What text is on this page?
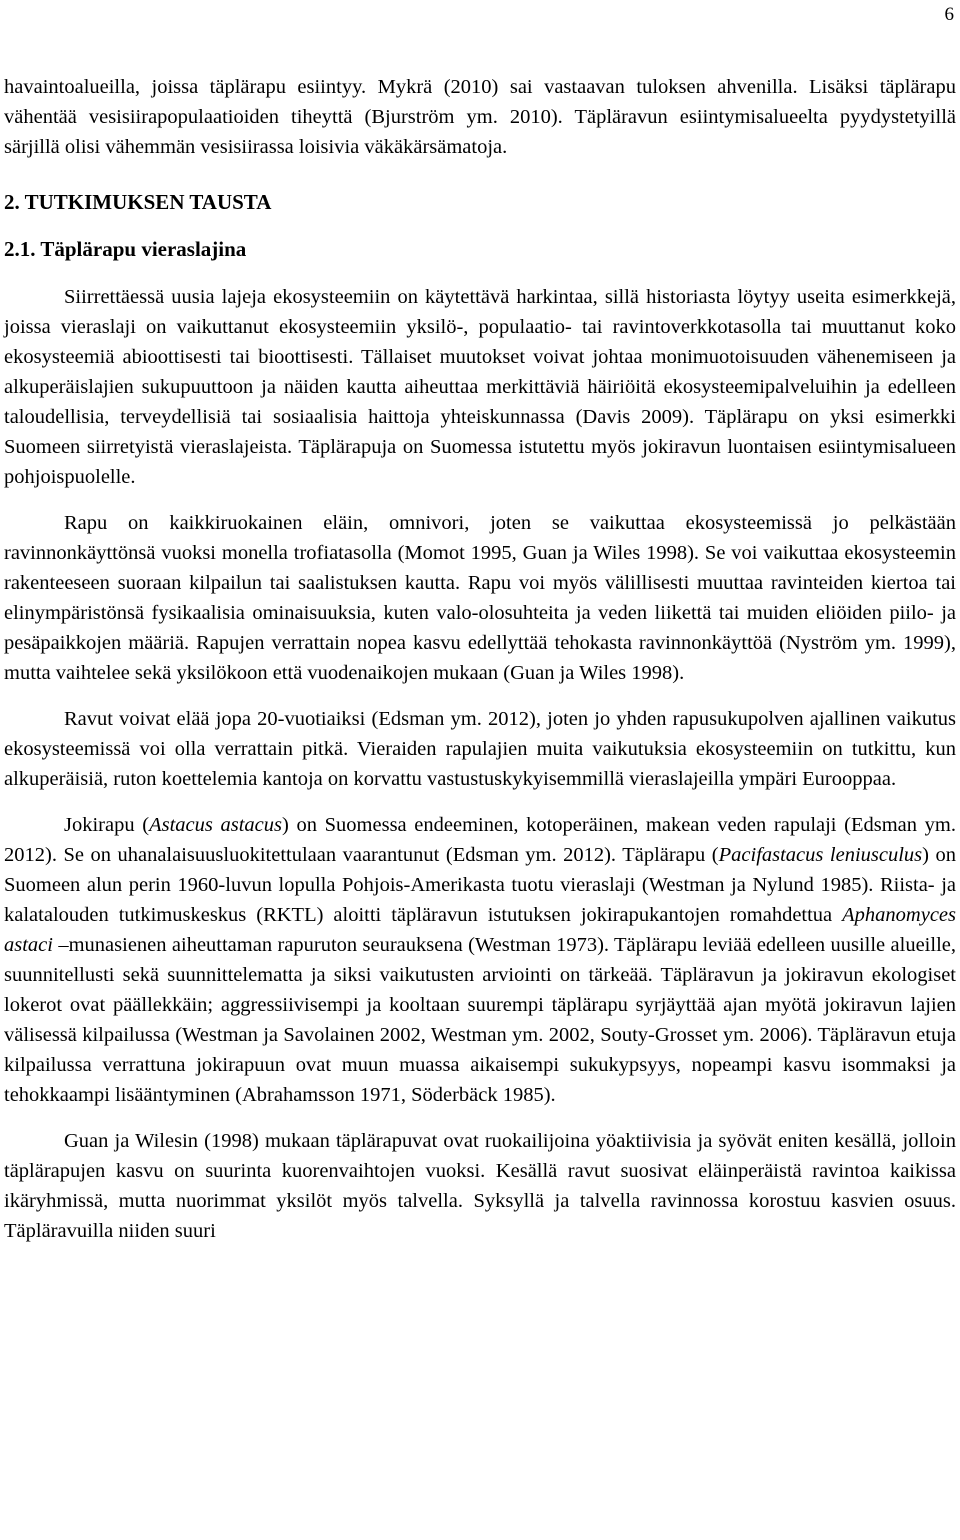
6

havaintoalueilla, joissa täplärapu esiintyy. Mykrä (2010) sai vastaavan tuloksen ahvenilla. Lisäksi täplärapu vähentää vesisiirapopulaatioiden tiheyttä (Bjurström ym. 2010). Täpläravun esiintymisalueelta pyydystetyillä särjillä olisi vähemmän vesisiirassa loisivia väkäkärsämatoja.

2. TUTKIMUKSEN TAUSTA
2.1. Täplärapu vieraslajina

Siirrettäessä uusia lajeja ekosysteemiin on käytettävä harkintaa, sillä historiasta löytyy useita esimerkkejä, joissa vieraslaji on vaikuttanut ekosysteemiin yksilö-, populaatio- tai ravintoverkkotasolla tai muuttanut koko ekosysteemiä abioottisesti tai bioottisesti. Tällaiset muutokset voivat johtaa monimuotoisuuden vähenemiseen ja alkuperäislajien sukupuuttoon ja näiden kautta aiheuttaa merkittäviä häiriöitä ekosysteemipalveluihin ja edelleen taloudellisia, terveydellisiä tai sosiaalisia haittoja yhteiskunnassa (Davis 2009). Täplärapu on yksi esimerkki Suomeen siirretyistä vieraslajeista. Täplärapuja on Suomessa istutettu myös jokiravun luontaisen esiintymisalueen pohjoispuolelle.

Rapu on kaikkiruokainen eläin, omnivori, joten se vaikuttaa ekosysteemissä jo pelkästään ravinnonkäyttönsä vuoksi monella trofiatasolla (Momot 1995, Guan ja Wiles 1998). Se voi vaikuttaa ekosysteemin rakenteeseen suoraan kilpailun tai saalistuksen kautta. Rapu voi myös välillisesti muuttaa ravinteiden kiertoa tai elinympäristönsä fysikaalisia ominaisuuksia, kuten valo-olosuhteita ja veden liikettä tai muiden eliöiden piilo- ja pesäpaikkojen määriä. Rapujen verrattain nopea kasvu edellyttää tehokasta ravinnonkäyttöä (Nyström ym. 1999), mutta vaihtelee sekä yksilökoon että vuodenaikojen mukaan (Guan ja Wiles 1998).

Ravut voivat elää jopa 20-vuotiaiksi (Edsman ym. 2012), joten jo yhden rapusukupolven ajallinen vaikutus ekosysteemissä voi olla verrattain pitkä. Vieraiden rapulajien muita vaikutuksia ekosysteemiin on tutkittu, kun alkuperäisiä, ruton koettelemia kantoja on korvattu vastustuskykyisemmillä vieraslajeilla ympäri Eurooppaa.

Jokirapu (Astacus astacus) on Suomessa endeeminen, kotoperäinen, makean veden rapulaji (Edsman ym. 2012). Se on uhanalaisuusluokitettulaan vaarantunut (Edsman ym. 2012). Täplärapu (Pacifastacus leniusculus) on Suomeen alun perin 1960-luvun lopulla Pohjois-Amerikasta tuotu vieraslaji (Westman ja Nylund 1985). Riista- ja kalatalouden tutkimuskeskus (RKTL) aloitti täpläravun istutuksen jokirapukantojen romahdettua Aphanomyces astaci –munasienen aiheuttaman rapuruton seurauksena (Westman 1973). Täplärapu leviää edelleen uusille alueille, suunnitellusti sekä suunnittelematta ja siksi vaikutusten arviointi on tärkeää. Täpläravun ja jokiravun ekologiset lokerot ovat päällekkäin; aggressiivisempi ja kooltaan suurempi täplärapu syrjäyttää ajan myötä jokiravun lajien välisessä kilpailussa (Westman ja Savolainen 2002, Westman ym. 2002, Souty-Grosset ym. 2006). Täpläravun etuja kilpailussa verrattuna jokirapuun ovat muun muassa aikaisempi sukukypsyys, nopeampi kasvu isommaksi ja tehokkaampi lisääntyminen (Abrahamsson 1971, Söderbäck 1985).

Guan ja Wilesin (1998) mukaan täplärapuvat ovat ruokailijoina yöaktiivisia ja syövät eniten kesällä, jolloin täplärapujen kasvu on suurinta kuorenvaihtojen vuoksi. Kesällä ravut suosivat eläinperäistä ravintoa kaikissa ikäryhmissä, mutta nuorimmat yksilöt myös talvella. Syksyllä ja talvella ravinnossa korostuu kasvien osuus. Täpläravuilla niiden suuri
